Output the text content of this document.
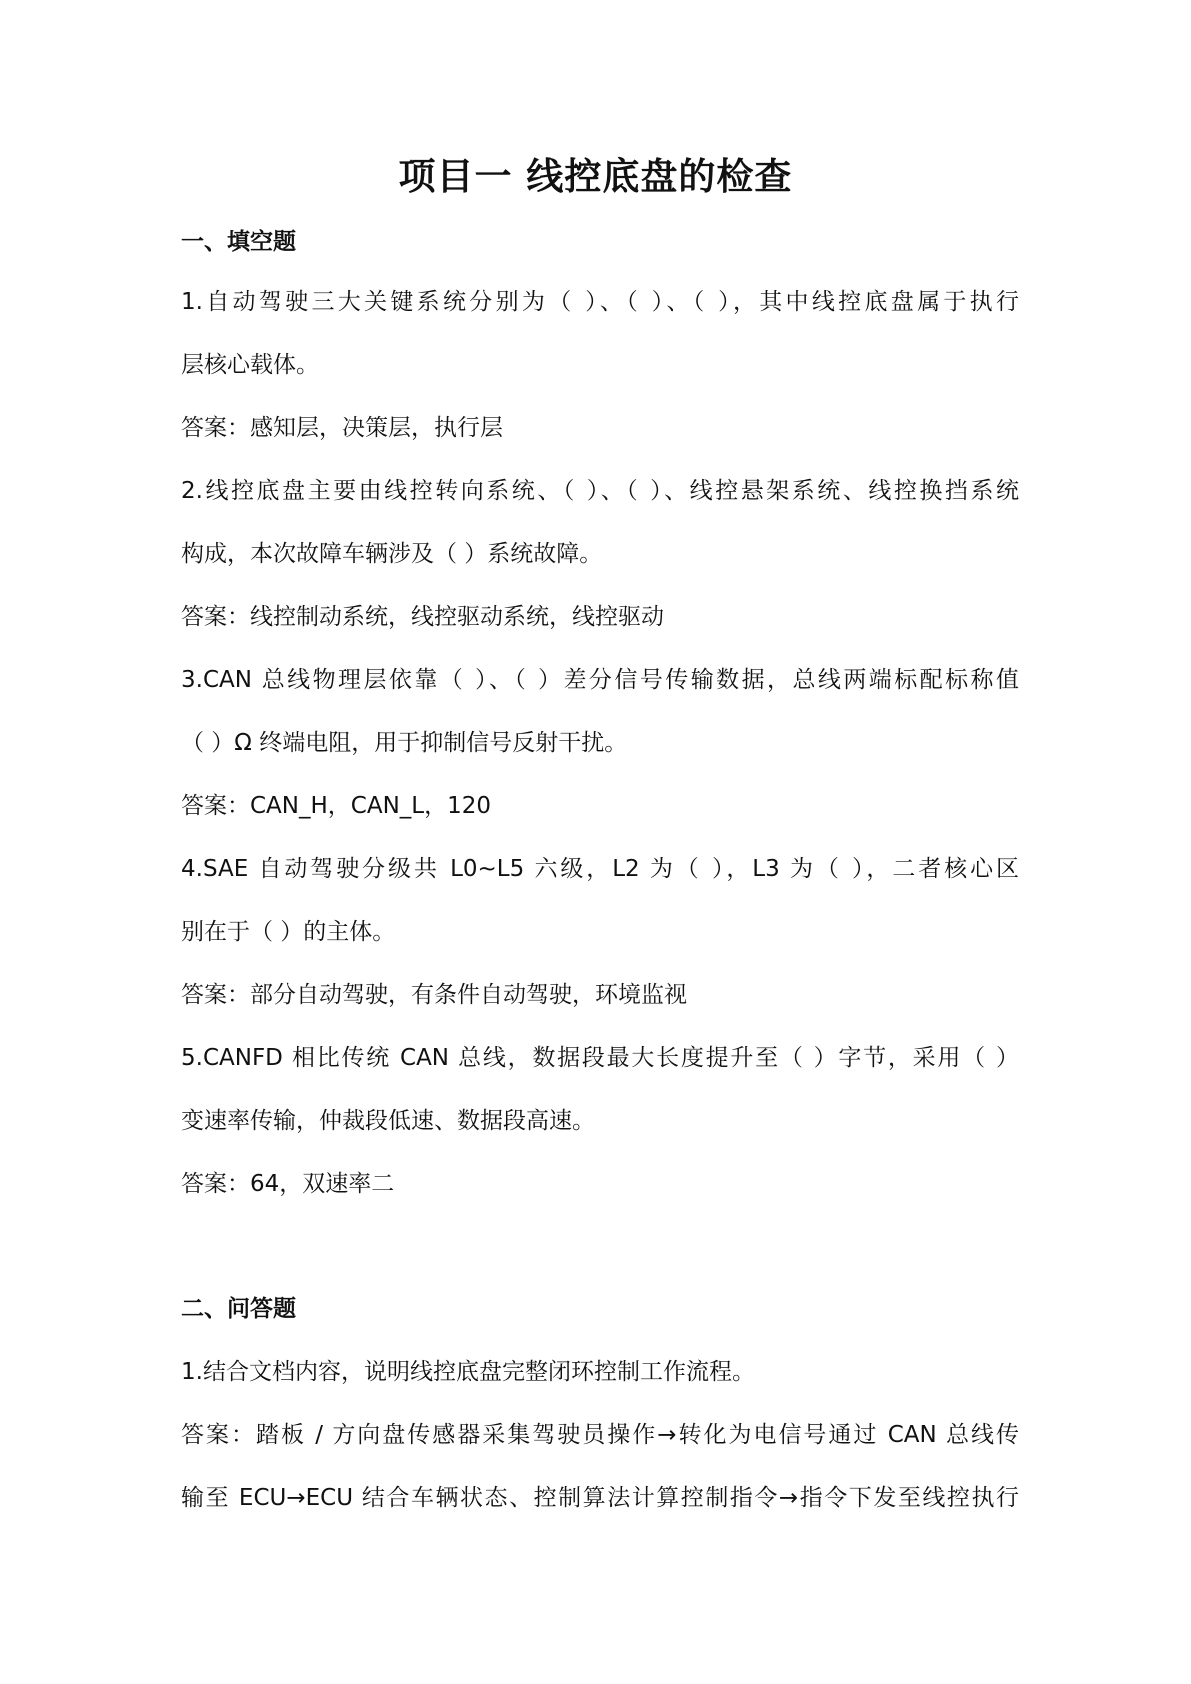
项目一 线控底盘的检查
一、填空题
1.自动驾驶三大关键系统分别为（ ）、（ ）、（ ），其中线控底盘属于执行
层核心载体。
答案：感知层，决策层，执行层
2.线控底盘主要由线控转向系统、（ ）、（ ）、线控悬架系统、线控换挡系统
构成，本次故障车辆涉及（ ）系统故障。
答案：线控制动系统，线控驱动系统，线控驱动
3.CAN 总线物理层依靠（ ）、（ ）差分信号传输数据，总线两端标配标称值
（ ）Ω 终端电阻，用于抑制信号反射干扰。
答案：CAN_H，CAN_L，120
4.SAE 自动驾驶分级共 L0~L5 六级，L2 为（ ），L3 为（ ），二者核心区
别在于（ ）的主体。
答案：部分自动驾驶，有条件自动驾驶，环境监视
5.CANFD 相比传统 CAN 总线，数据段最大长度提升至（ ）字节，采用（ ）
变速率传输，仲裁段低速、数据段高速。
答案：64，双速率二
二、问答题
1.结合文档内容，说明线控底盘完整闭环控制工作流程。
答案：踏板 / 方向盘传感器采集驾驶员操作→转化为电信号通过 CAN 总线传
输至 ECU→ECU 结合车辆状态、控制算法计算控制指令→指令下发至线控执行
